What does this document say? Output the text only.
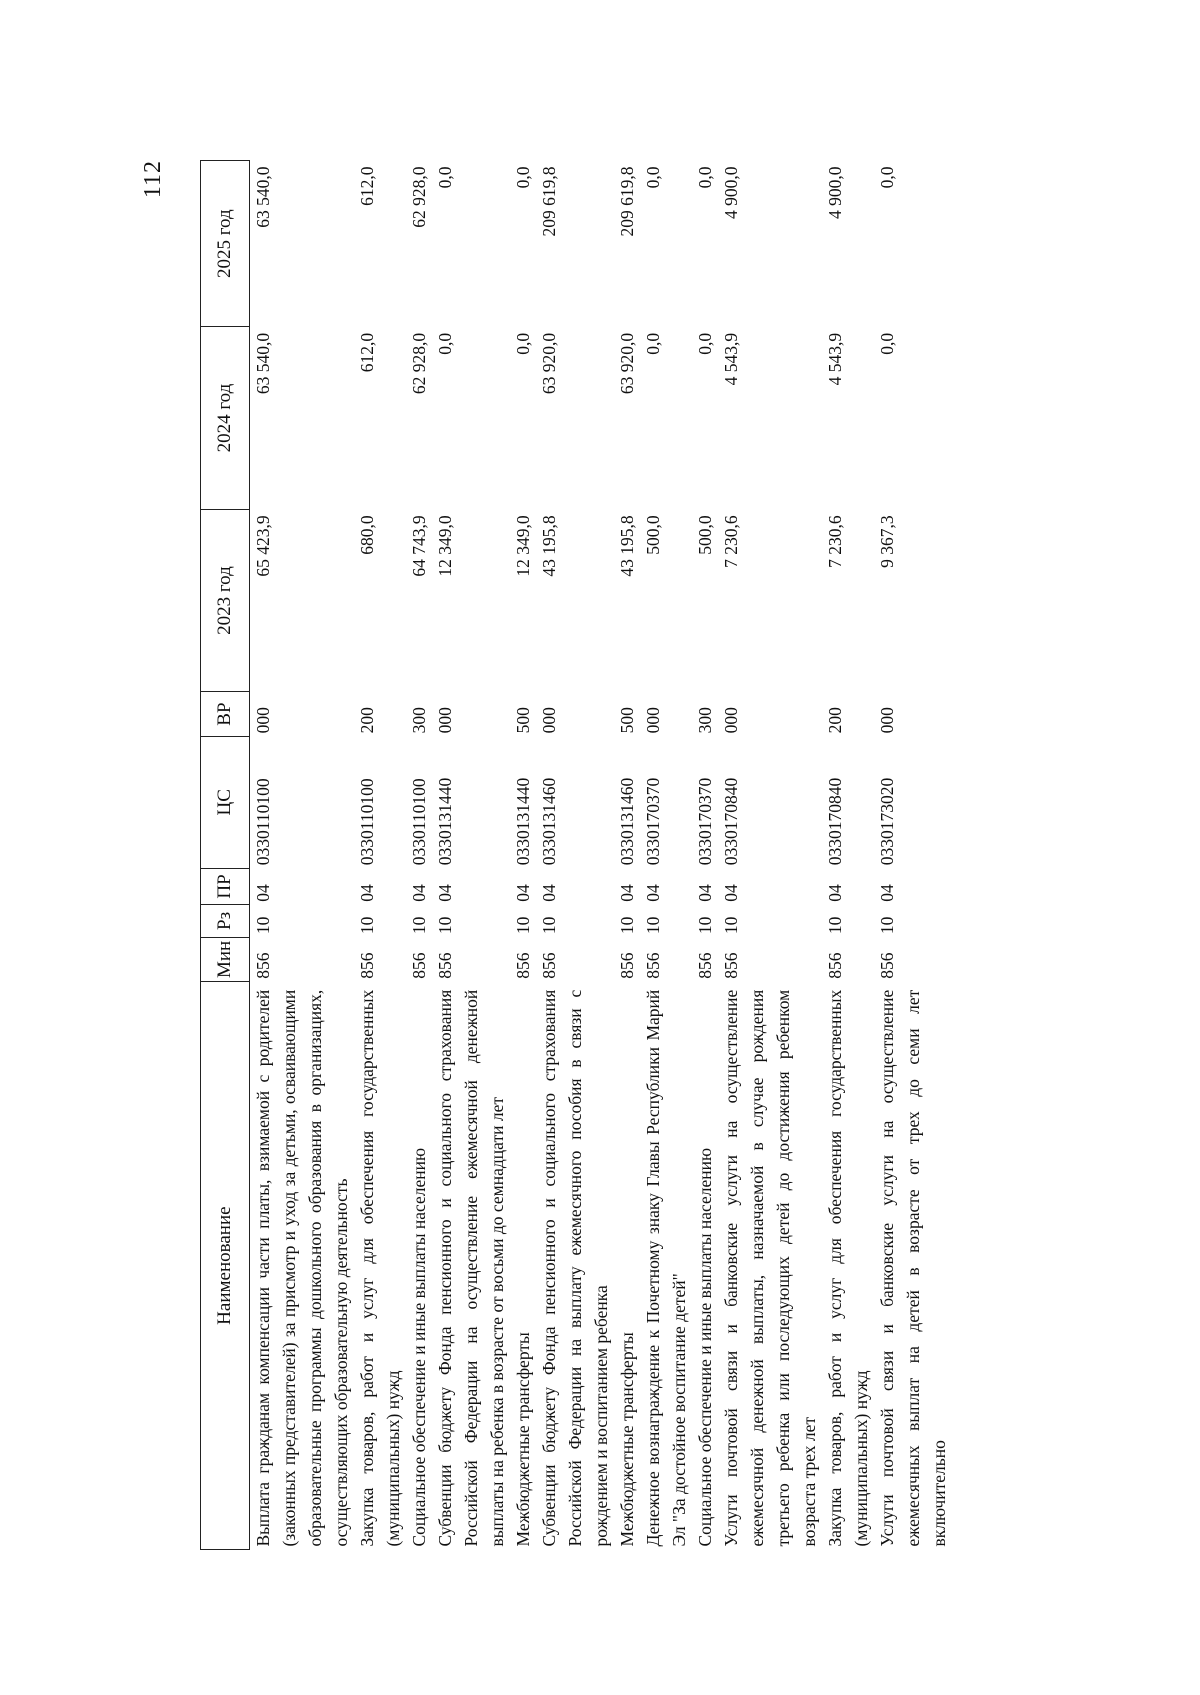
112
Наименование	Мин	Рз	ПР	ЦС	ВР	2023 год	2024 год	2025 год
Выплата гражданам компенсации части платы, взимаемой с родителей (законных представителей) за присмотр и уход за детьми, осваивающими образовательные программы дошкольного образования в организациях, осуществляющих образовательную деятельность	856	10	04	0330110100	000	65 423,9	63 540,0	63 540,0
Закупка товаров, работ и услуг для обеспечения государственных (муниципальных) нужд	856	10	04	0330110100	200	680,0	612,0	612,0
Социальное обеспечение и иные выплаты населению	856	10	04	0330110100	300	64 743,9	62 928,0	62 928,0
Субвенции бюджету Фонда пенсионного и социального страхования Российской Федерации на осуществление ежемесячной денежной выплаты на ребенка в возрасте от восьми до семнадцати лет	856	10	04	0330131440	000	12 349,0	0,0	0,0
Межбюджетные трансферты	856	10	04	0330131440	500	12 349,0	0,0	0,0
Субвенции бюджету Фонда пенсионного и социального страхования Российской Федерации на выплату ежемесячного пособия в связи с рождением и воспитанием ребенка	856	10	04	0330131460	000	43 195,8	63 920,0	209 619,8
Межбюджетные трансферты	856	10	04	0330131460	500	43 195,8	63 920,0	209 619,8
Денежное вознаграждение к Почетному знаку Главы Республики Марий Эл "За достойное воспитание детей"	856	10	04	0330170370	000	500,0	0,0	0,0
Социальное обеспечение и иные выплаты населению	856	10	04	0330170370	300	500,0	0,0	0,0
Услуги почтовой связи и банковские услуги на осуществление ежемесячной денежной выплаты, назначаемой в случае рождения третьего ребенка или последующих детей до достижения ребенком возраста трех лет	856	10	04	0330170840	000	7 230,6	4 543,9	4 900,0
Закупка товаров, работ и услуг для обеспечения государственных (муниципальных) нужд	856	10	04	0330170840	200	7 230,6	4 543,9	4 900,0
Услуги почтовой связи и банковские услуги на осуществление ежемесячных выплат на детей в возрасте от трех до семи лет включительно	856	10	04	0330173020	000	9 367,3	0,0	0,0
